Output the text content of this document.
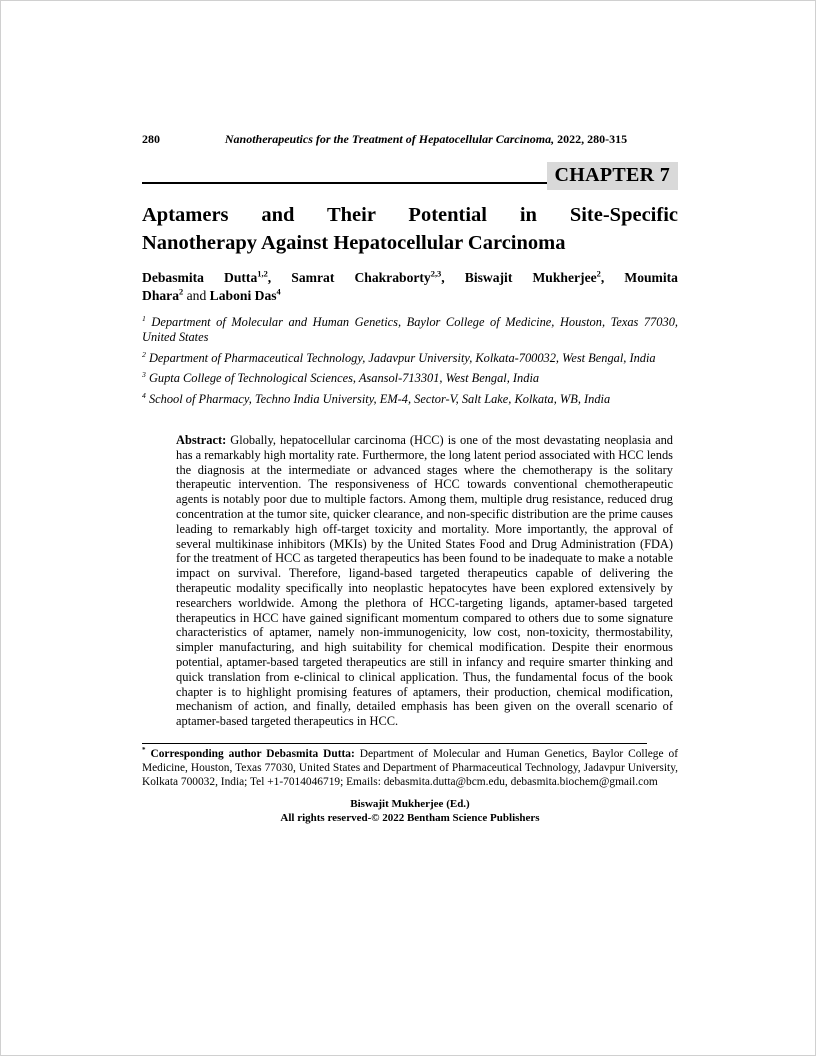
280	Nanotherapeutics for the Treatment of Hepatocellular Carcinoma, 2022, 280-315
CHAPTER 7
Aptamers and Their Potential in Site-Specific
Nanotherapy Against Hepatocellular Carcinoma
Debasmita Dutta$^{1,2}$, Samrat Chakraborty$^{2,3}$, Biswajit Mukherjee$^2$, Moumita
Dhara$^2$ and Laboni Das$^4$

$^1$ Department of Molecular and Human Genetics, Baylor College of Medicine, Houston, Texas 77030, United States

$^2$ Department of Pharmaceutical Technology, Jadavpur University, Kolkata-700032, West Bengal, India

$^3$ Gupta College of Technological Sciences, Asansol-713301, West Bengal, India

$^4$ School of Pharmacy, Techno India University, EM-4, Sector-V, Salt Lake, Kolkata, WB, India

Abstract: Globally, hepatocellular carcinoma (HCC) is one of the most devastating neoplasia and has a remarkably high mortality rate. Furthermore, the long latent period associated with HCC lends the diagnosis at the intermediate or advanced stages where the chemotherapy is the solitary therapeutic intervention. The responsiveness of HCC towards conventional chemotherapeutic agents is notably poor due to multiple factors. Among them, multiple drug resistance, reduced drug concentration at the tumor site, quicker clearance, and non-specific distribution are the prime causes leading to remarkably high off-target toxicity and mortality. More importantly, the approval of several multikinase inhibitors (MKIs) by the United States Food and Drug Administration (FDA) for the treatment of HCC as targeted therapeutics has been found to be inadequate to make a notable impact on survival. Therefore, ligand-based targeted therapeutics capable of delivering the therapeutic modality specifically into neoplastic hepatocytes have been explored extensively by researchers worldwide. Among the plethora of HCC-targeting ligands, aptamer-based targeted therapeutics in HCC have gained significant momentum compared to others due to some signature characteristics of aptamer, namely non-immunogenicity, low cost, non-toxicity, thermostability, simpler manufacturing, and high suitability for chemical modification. Despite their enormous potential, aptamer-based targeted therapeutics are still in infancy and require smarter thinking and quick translation from e-clinical to clinical application. Thus, the fundamental focus of the book chapter is to highlight promising features of aptamers, their production, chemical modification, mechanism of action, and finally, detailed emphasis has been given on the overall scenario of aptamer-based targeted therapeutics in HCC.
* Corresponding author Debasmita Dutta: Department of Molecular and Human Genetics, Baylor College of Medicine, Houston, Texas 77030, United States and Department of Pharmaceutical Technology, Jadavpur University, Kolkata 700032, India; Tel +1-7014046719; Emails: debasmita.dutta@bcm.edu, debasmita.biochem@gmail.com
Biswajit Mukherjee (Ed.)
All rights reserved-© 2022 Bentham Science Publishers
